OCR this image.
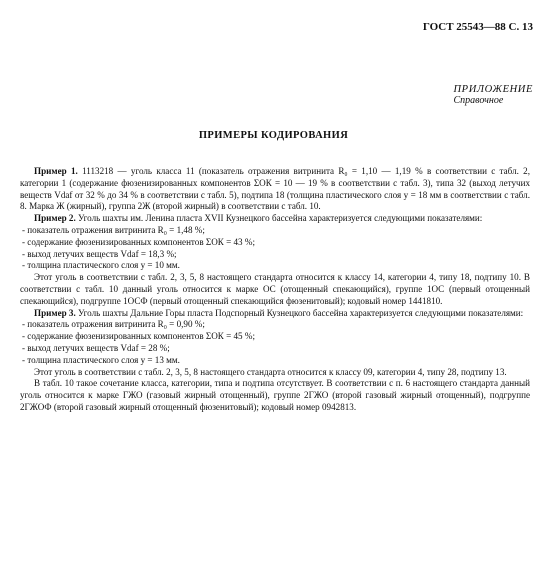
ГОСТ 25543—88 С. 13
ПРИЛОЖЕНИЕ
Справочное
ПРИМЕРЫ КОДИРОВАНИЯ

Пример 1. 1113218 — уголь класса 11 (показатель отражения витринита R₀ = 1,10 — 1,19 % в соответствии с табл. 2, категории 1 (содержание фюзенизированных компонентов ΣОК = 10 — 19 % в соответствии с табл. 3), типа 32 (выход летучих веществ Vdaf от 32 % до 34 % в соответствии с табл. 5), подтипа 18 (толщина пластического слоя y = 18 мм в соответствии с табл. 8. Марка Ж (жирный), группа 2Ж (второй жирный) в соответствии с табл. 10.

Пример 2. Уголь шахты им. Ленина пласта XVII Кузнецкого бассейна характеризуется следующими показателями:

- показатель отражения витринита R₀ = 1,48 %;

- содержание фюзенизированных компонентов ΣОК = 43 %;

- выход летучих веществ Vdaf = 18,3 %;

- толщина пластического слоя y = 10 мм.

Этот уголь в соответствии с табл. 2, 3, 5, 8 настоящего стандарта относится к классу 14, категории 4, типу 18, подтипу 10. В соответствии с табл. 10 данный уголь относится к марке ОС (отощенный спекающийся), группе 1ОС (первый отощенный спекающийся), подгруппе 1ОСФ (первый отощенный спекающийся фюзенитовый); кодовый номер 1441810.

Пример 3. Уголь шахты Дальние Горы пласта Подспорный Кузнецкого бассейна характеризуется следующими показателями:

- показатель отражения витринита R₀ = 0,90 %;

- содержание фюзенизированных компонентов ΣОК = 45 %;

- выход летучих веществ Vdaf = 28 %;

- толщина пластического слоя y = 13 мм.

Этот уголь в соответствии с табл. 2, 3, 5, 8 настоящего стандарта относится к классу 09, категории 4, типу 28, подтипу 13.

В табл. 10 такое сочетание класса, категории, типа и подтипа отсутствует. В соответствии с п. 6 настоящего стандарта данный уголь относится к марке ГЖО (газовый жирный отощенный), группе 2ГЖО (второй газовый жирный отощенный), подгруппе 2ГЖОФ (второй газовый жирный отощенный фюзенитовый); кодовый номер 0942813.
